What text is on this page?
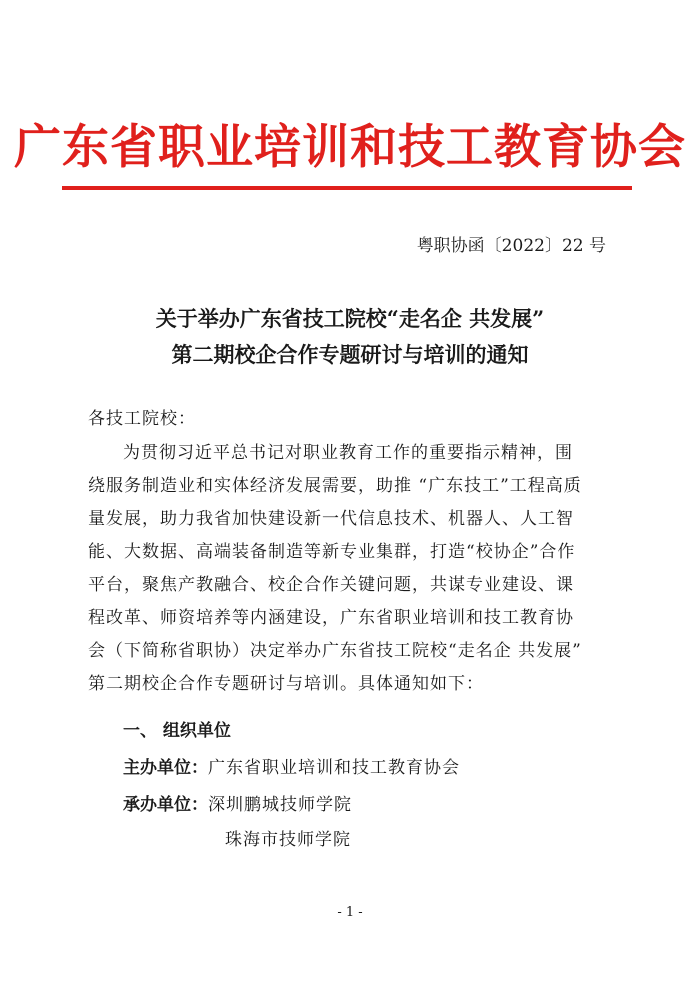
广东省职业培训和技工教育协会
粤职协函〔2022〕22 号
关于举办广东省技工院校“走名企 共发展”
第二期校企合作专题研讨与培训的通知
各技工院校：
为贯彻习近平总书记对职业教育工作的重要指示精神，围
绕服务制造业和实体经济发展需要，助推 “广东技工”工程高质
量发展，助力我省加快建设新一代信息技术、机器人、人工智
能、大数据、高端装备制造等新专业集群，打造“校协企”合作
平台，聚焦产教融合、校企合作关键问题，共谋专业建设、课
程改革、师资培养等内涵建设，广东省职业培训和技工教育协
会（下简称省职协）决定举办广东省技工院校“走名企 共发展”
第二期校企合作专题研讨与培训。具体通知如下：
一、 组织单位
主办单位：广东省职业培训和技工教育协会
承办单位：深圳鹏城技师学院
珠海市技师学院
- 1 -
